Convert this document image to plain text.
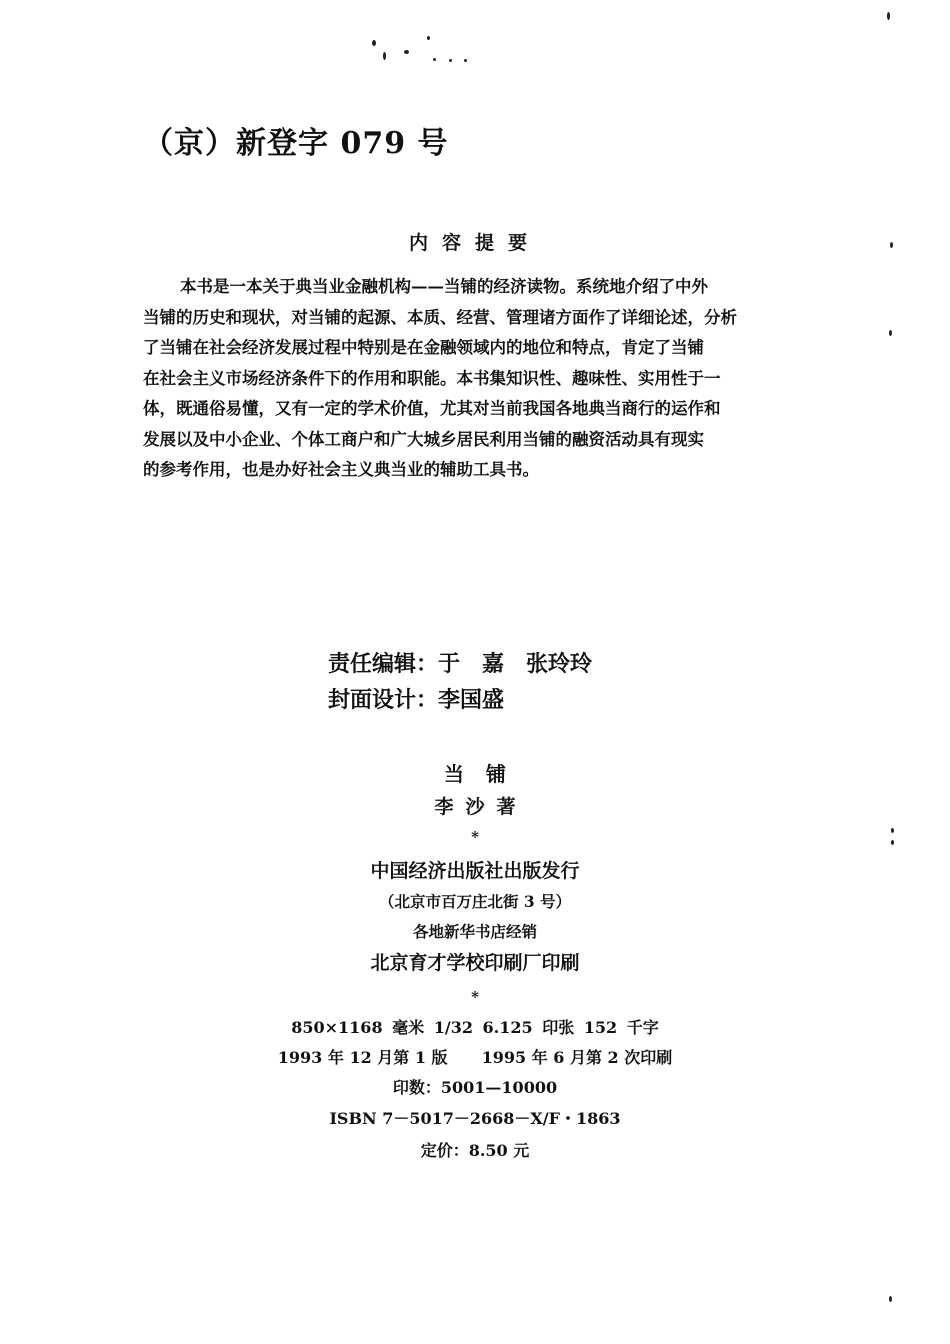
（京）新登字 079 号
内容提要

本书是一本关于典当业金融机构——当铺的经济读物。系统地介绍了中外

当铺的历史和现状，对当铺的起源、本质、经营、管理诸方面作了详细论述，分析

了当铺在社会经济发展过程中特别是在金融领域内的地位和特点，肯定了当铺

在社会主义市场经济条件下的作用和职能。本书集知识性、趣味性、实用性于一

体，既通俗易懂，又有一定的学术价值，尤其对当前我国各地典当商行的运作和

发展以及中小企业、个体工商户和广大城乡居民利用当铺的融资活动具有现实

的参考作用，也是办好社会主义典当业的辅助工具书。

责任编辑：于　嘉　张玲玲
封面设计：李国盛
当铺
李沙著
*
中国经济出版社出版发行
（北京市百万庄北街 3 号）
各地新华书店经销
北京育才学校印刷厂印刷
*
850×1168 毫米 1/32 6.125 印张 152 千字
1993 年 12 月第 1 版 1995 年 6 月第 2 次印刷
印数：5001—10000
ISBN 7－5017－2668－X/F・1863
定价：8.50 元
